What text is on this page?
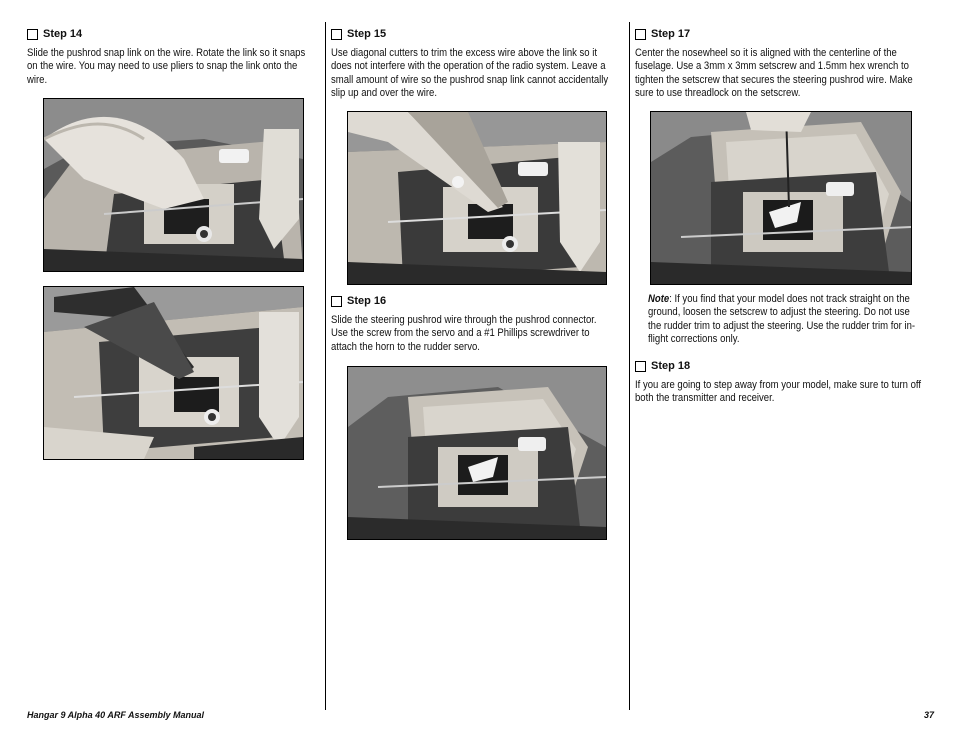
Step 14
Slide the pushrod snap link on the wire. Rotate the link so it snaps on the wire. You may need to use pliers to snap the link onto the wire.
Step 15
Use diagonal cutters to trim the excess wire above the link so it does not interfere with the operation of the radio system. Leave a small amount of wire so the pushrod snap link cannot accidentally slip up and over the wire.
Step 16
Slide the steering pushrod wire through the pushrod connector. Use the screw from the servo and a #1 Phillips screwdriver to attach the horn to the rudder servo.
Step 17
Center the nosewheel so it is aligned with the centerline of the fuselage. Use a 3mm x 3mm setscrew and 1.5mm hex wrench to tighten the setscrew that secures the steering pushrod wire. Make sure to use threadlock on the setscrew.
Note: If you find that your model does not track straight on the ground, loosen the setscrew to adjust the steering. Do not use the rudder trim to adjust the steering. Use the rudder trim for in-flight corrections only.
Step 18
If you are going to step away from your model, make sure to turn off both the transmitter and receiver.
Hangar 9 Alpha 40 ARF Assembly Manual	37
